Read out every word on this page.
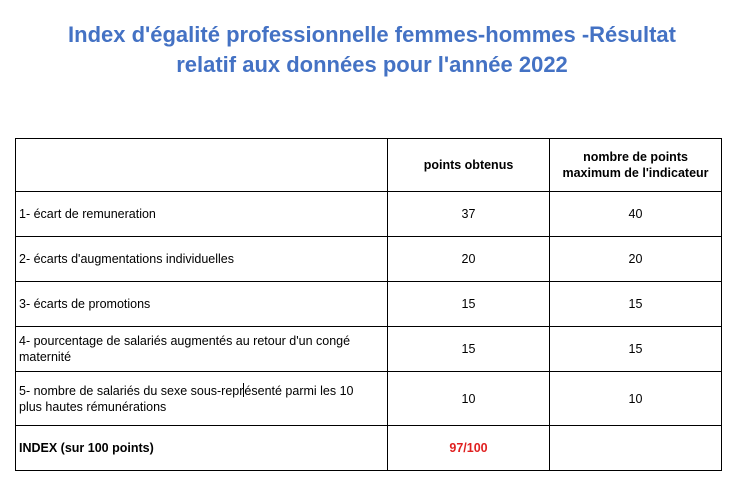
Index d'égalité professionnelle femmes-hommes -Résultat
relatif aux données pour l'année 2022
	points obtenus	nombre de points
maximum de l'indicateur
1- écart de remuneration	37	40
2- écarts d'augmentations individuelles	20	20
3- écarts de promotions	15	15
4- pourcentage de salariés augmentés au retour d'un congé
maternité	15	15
5- nombre de salariés du sexe sous-représenté parmi les 10
plus hautes rémunérations	10	10
INDEX (sur 100 points)	97/100	
